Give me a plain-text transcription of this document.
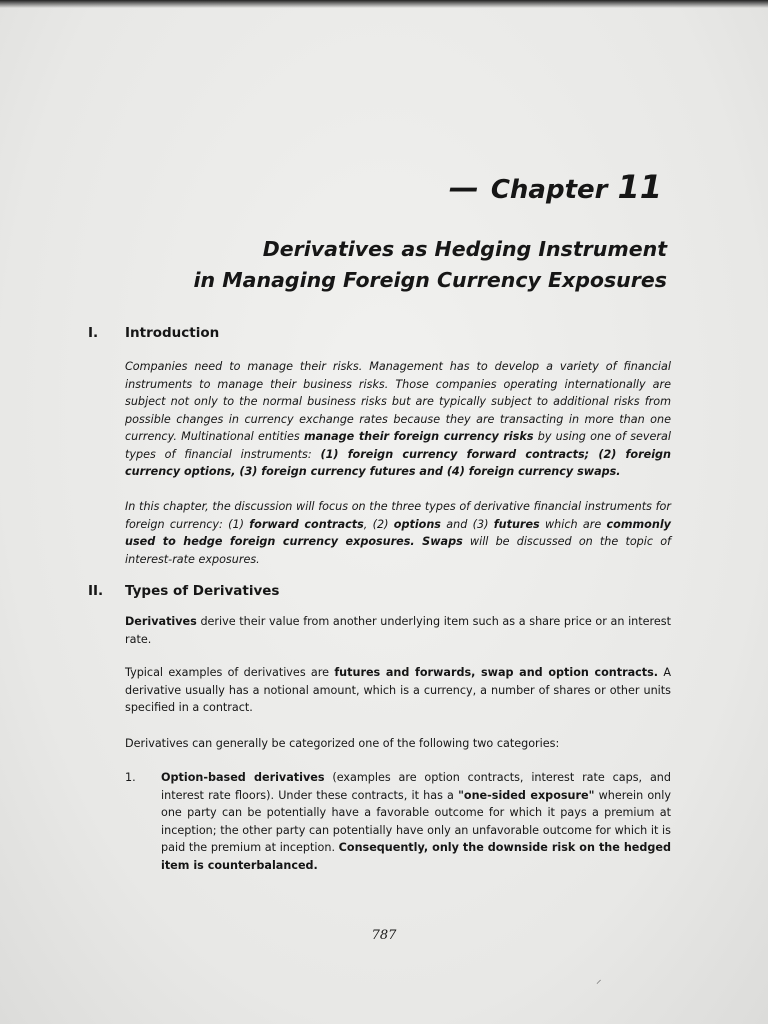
— Chapter 11
Derivatives as Hedging Instrument
in Managing Foreign Currency Exposures
I.	Introduction

Companies need to manage their risks. Management has to develop a variety of financial instruments to manage their business risks. Those companies operating internationally are subject not only to the normal business risks but are typically subject to additional risks from possible changes in currency exchange rates because they are transacting in more than one currency. Multinational entities manage their foreign currency risks by using one of several types of financial instruments: (1) foreign currency forward contracts; (2) foreign currency options, (3) foreign currency futures and (4) foreign currency swaps.

In this chapter, the discussion will focus on the three types of derivative financial instruments for foreign currency: (1) forward contracts, (2) options and (3) futures which are commonly used to hedge foreign currency exposures. Swaps will be discussed on the topic of interest-rate exposures.

II.	Types of Derivatives

Derivatives derive their value from another underlying item such as a share price or an interest rate.

Typical examples of derivatives are futures and forwards, swap and option contracts. A derivative usually has a notional amount, which is a currency, a number of shares or other units specified in a contract.

Derivatives can generally be categorized one of the following two categories:

1.	Option-based derivatives (examples are option contracts, interest rate caps, and interest rate floors). Under these contracts, it has a "one-sided exposure" wherein only one party can be potentially have a favorable outcome for which it pays a premium at inception; the other party can potentially have only an unfavorable outcome for which it is paid the premium at inception. Consequently, only the downside risk on the hedged item is counterbalanced.
787
⸝
